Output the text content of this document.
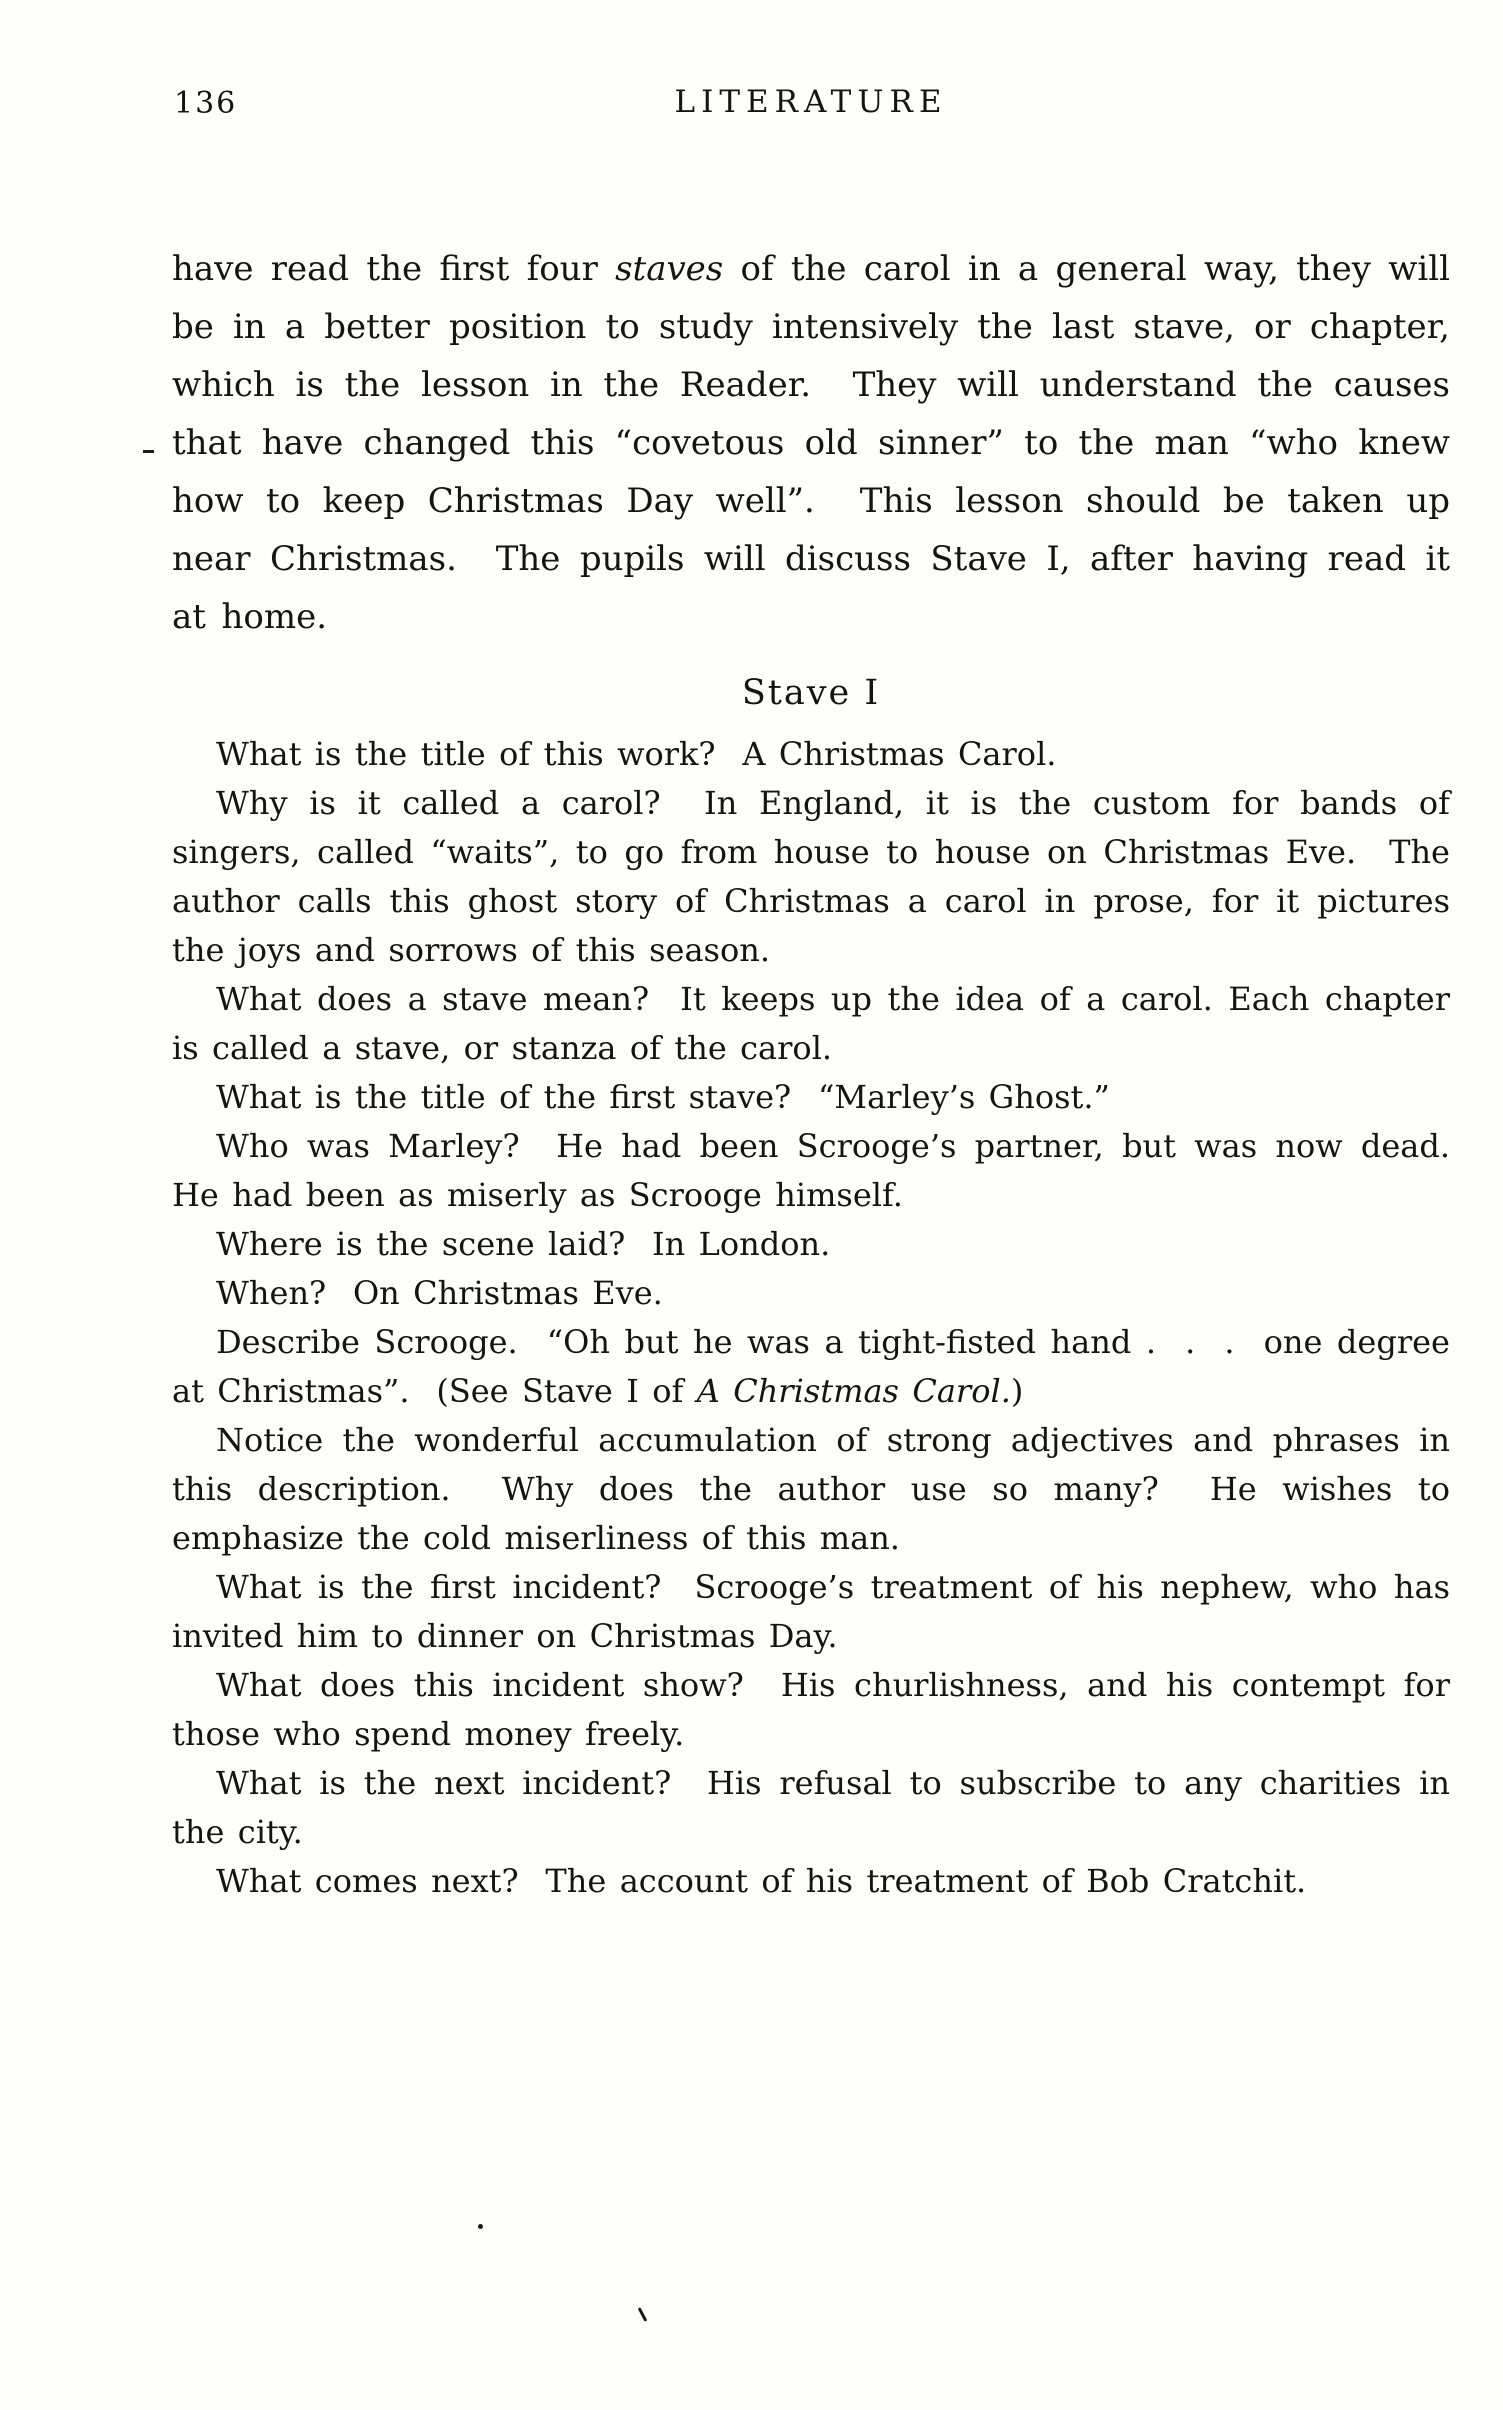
136	LITERATURE

have read the first four staves of the carol in a general way, they will be in a better position to study intensively the last stave, or chapter, which is the lesson in the Reader.  They will understand the causes that have changed this “covetous old sinner” to the man “who knew how to keep Christmas Day well”.  This lesson should be taken up near Christmas.  The pupils will discuss Stave I, after having read it at home.

Stave I

What is the title of this work?  A Christmas Carol.

Why is it called a carol?  In England, it is the custom for bands of singers, called “waits”, to go from house to house on Christmas Eve.  The author calls this ghost story of Christmas a carol in prose, for it pictures the joys and sorrows of this season.

What does a stave mean?  It keeps up the idea of a carol. Each chapter is called a stave, or stanza of the carol.

What is the title of the first stave?  “Marley’s Ghost.”

Who was Marley?  He had been Scrooge’s partner, but was now dead.  He had been as miserly as Scrooge himself.

Where is the scene laid?  In London.

When?  On Christmas Eve.

Describe Scrooge.  “Oh but he was a tight-fisted hand .  .  .  one degree at Christmas”.  (See Stave I of A Christmas Carol.)

Notice the wonderful accumulation of strong adjectives and phrases in this description.  Why does the author use so many?  He wishes to emphasize the cold miserliness of this man.

What is the first incident?  Scrooge’s treatment of his nephew, who has invited him to dinner on Christmas Day.

What does this incident show?  His churlishness, and his contempt for those who spend money freely.

What is the next incident?  His refusal to subscribe to any charities in the city.

What comes next?  The account of his treatment of Bob Cratchit.
